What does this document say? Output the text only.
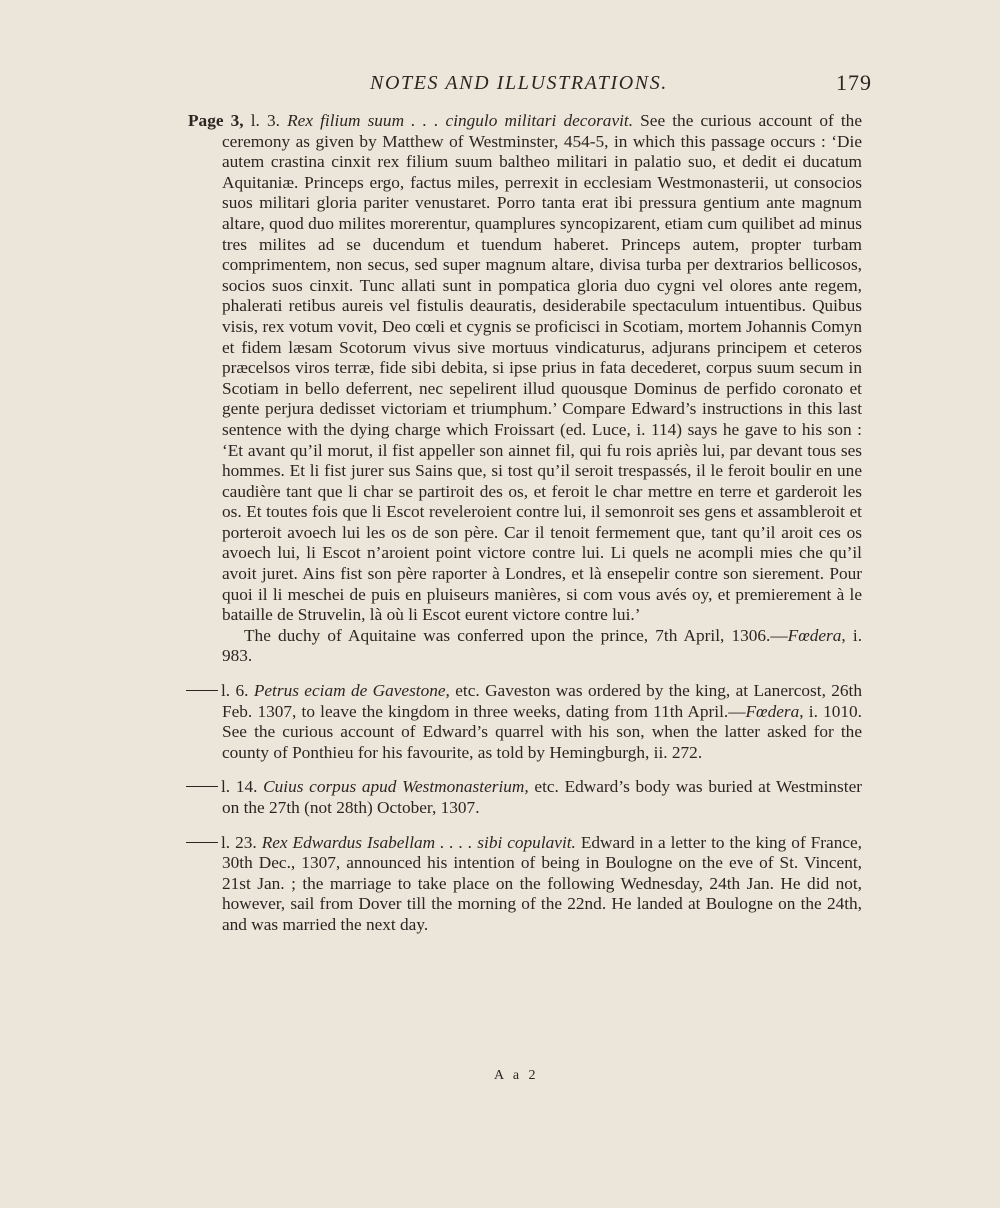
NOTES AND ILLUSTRATIONS.	179

Page 3, l. 3. Rex filium suum . . . cingulo militari decoravit. See the curious account of the ceremony as given by Matthew of Westminster, 454-5, in which this passage occurs : ‘Die autem crastina cinxit rex filium suum baltheo militari in palatio suo, et dedit ei ducatum Aquitaniæ. Princeps ergo, factus miles, perrexit in ecclesiam Westmonasterii, ut consocios suos militari gloria pariter venustaret. Porro tanta erat ibi pressura gentium ante magnum altare, quod duo milites morerentur, quamplures syncopizarent, etiam cum quilibet ad minus tres milites ad se ducendum et tuendum haberet. Princeps autem, propter turbam comprimentem, non secus, sed super magnum altare, divisa turba per dextrarios bellicosos, socios suos cinxit. Tunc allati sunt in pompatica gloria duo cygni vel olores ante regem, phalerati retibus aureis vel fistulis deauratis, desiderabile spectaculum intuentibus. Quibus visis, rex votum vovit, Deo cœli et cygnis se proficisci in Scotiam, mortem Johannis Comyn et fidem læsam Scotorum vivus sive mortuus vindicaturus, adjurans principem et ceteros præcelsos viros terræ, fide sibi debita, si ipse prius in fata decederet, corpus suum secum in Scotiam in bello deferrent, nec sepelirent illud quousque Dominus de perfido coronato et gente perjura dedisset victoriam et triumphum.’ Compare Edward’s instructions in this last sentence with the dying charge which Froissart (ed. Luce, i. 114) says he gave to his son : ‘Et avant qu’il morut, il fist appeller son ainnet fil, qui fu rois apriès lui, par devant tous ses hommes. Et li fist jurer sus Sains que, si tost qu’il seroit trespassés, il le feroit boulir en une caudière tant que li char se partiroit des os, et feroit le char mettre en terre et garderoit les os. Et toutes fois que li Escot reveleroient contre lui, il semonroit ses gens et assambleroit et porteroit avoech lui les os de son père. Car il tenoit fermement que, tant qu’il aroit ces os avoech lui, li Escot n’aroient point victore contre lui. Li quels ne acompli mies che qu’il avoit juret. Ains fist son père raporter à Londres, et là ensepelir contre son sierement. Pour quoi il li meschei de puis en pluiseurs manières, si com vous avés oy, et premierement à le bataille de Struvelin, là où li Escot eurent victore contre lui.’

The duchy of Aquitaine was conferred upon the prince, 7th April, 1306.—Fœdera, i. 983.

l. 6. Petrus eciam de Gavestone, etc. Gaveston was ordered by the king, at Lanercost, 26th Feb. 1307, to leave the kingdom in three weeks, dating from 11th April.—Fœdera, i. 1010. See the curious account of Edward’s quarrel with his son, when the latter asked for the county of Ponthieu for his favourite, as told by Hemingburgh, ii. 272.

l. 14. Cuius corpus apud Westmonasterium, etc. Edward’s body was buried at Westminster on the 27th (not 28th) October, 1307.

l. 23. Rex Edwardus Isabellam . . . . sibi copulavit. Edward in a letter to the king of France, 30th Dec., 1307, announced his intention of being in Boulogne on the eve of St. Vincent, 21st Jan. ; the marriage to take place on the following Wednesday, 24th Jan. He did not, however, sail from Dover till the morning of the 22nd. He landed at Boulogne on the 24th, and was married the next day.

A a 2
